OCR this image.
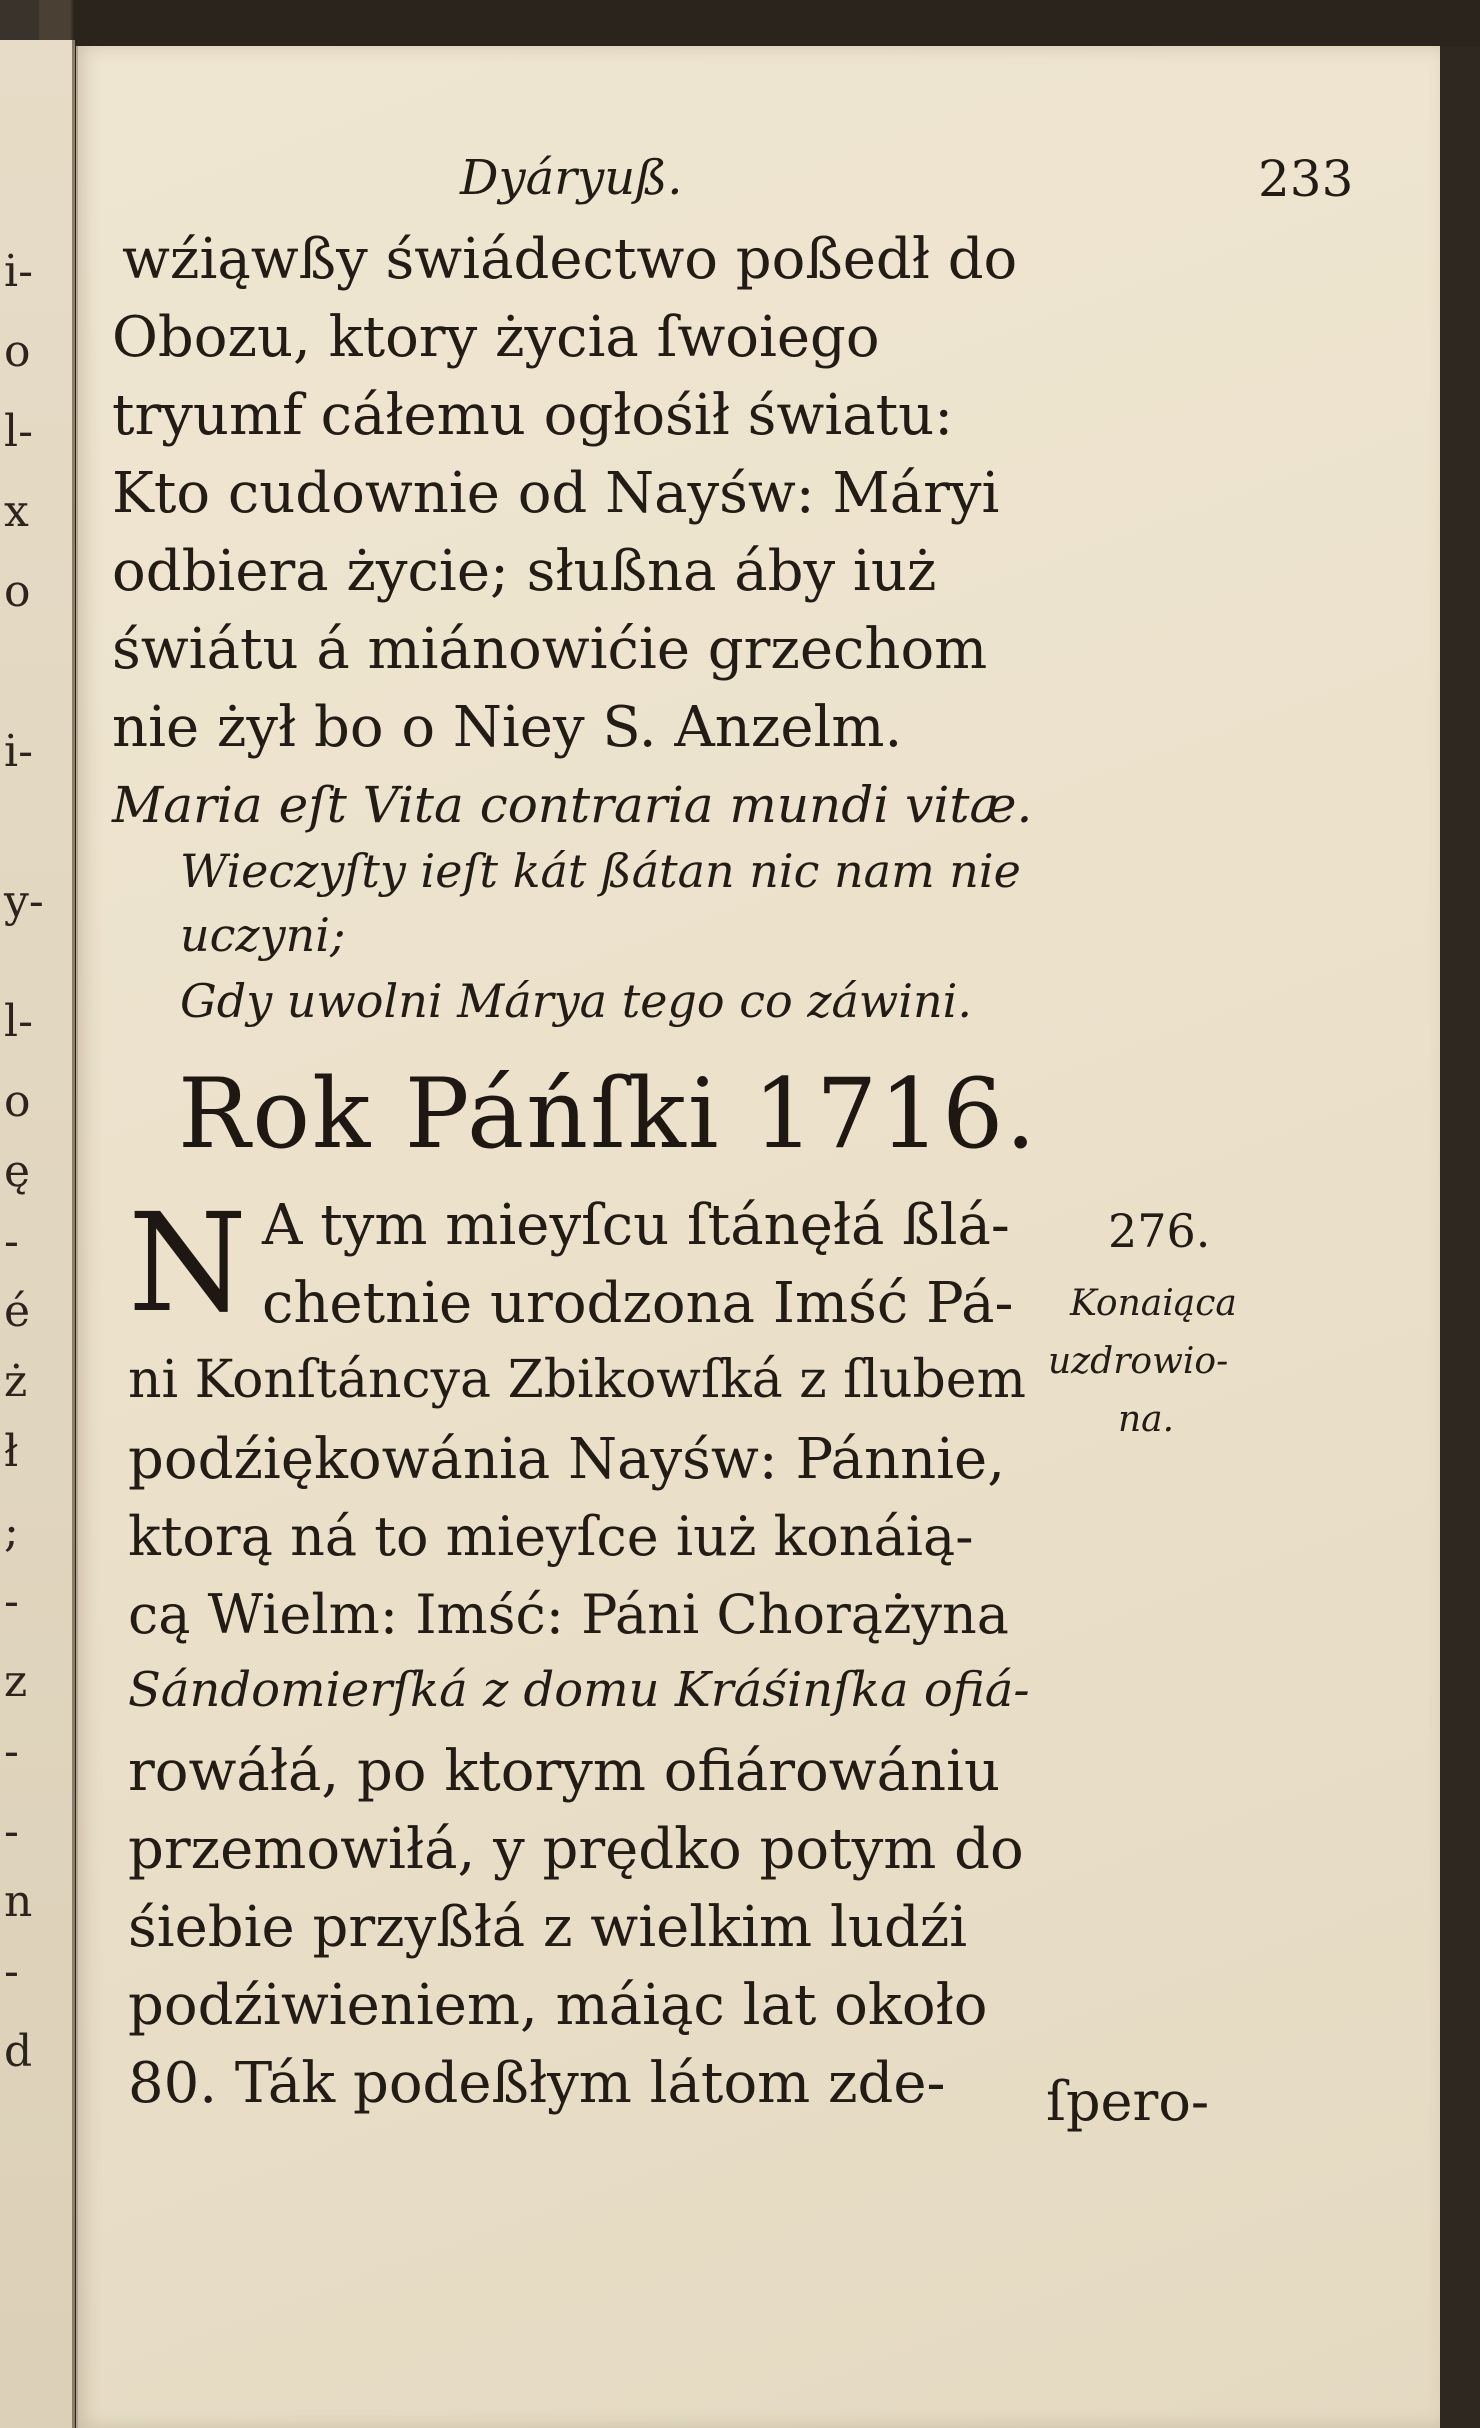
i-
o
l-
x
o
i-
y-
l-
o
ę
-
é
ż
ł
;
-
z
-
-
n
-
d
Dyáryuß.	233
wźiąwßy świádectwo poßedł do
Obozu, ktory życia ſwoiego
tryumf cáłemu ogłośił światu:
Kto cudownie od Nayśw: Máryi
odbiera życie; słußna áby iuż
świátu á miánowićie grzechom
nie żył bo o Niey S. Anzelm.
Maria eſt Vita contraria mundi vitæ.
Wieczyſty ieſt kát ßátan nic nam nie
uczyni;
Gdy uwolni Márya tego co záwini.
Rok Páńſki 1716.
N A tym mieyſcu ſtánęłá ßlá-
chetnie urodzona Imść Pá-
ni Konſtáncya Zbikowſká z ſlubem
podźiękowánia Nayśw: Pánnie,
ktorą ná to mieyſce iuż konáią-
cą Wielm: Imść: Páni Chorążyna
Sándomierſká z domu Kráśinſka ofiá-
rowáłá, po ktorym ofiárowániu
przemowiłá, y prędko potym do
śiebie przyßłá z wielkim ludźi
podźiwieniem, máiąc lat około
80. Ták podeßłym látom zde-
276.
Konaiąca
uzdrowio-
na.
ſpero-
